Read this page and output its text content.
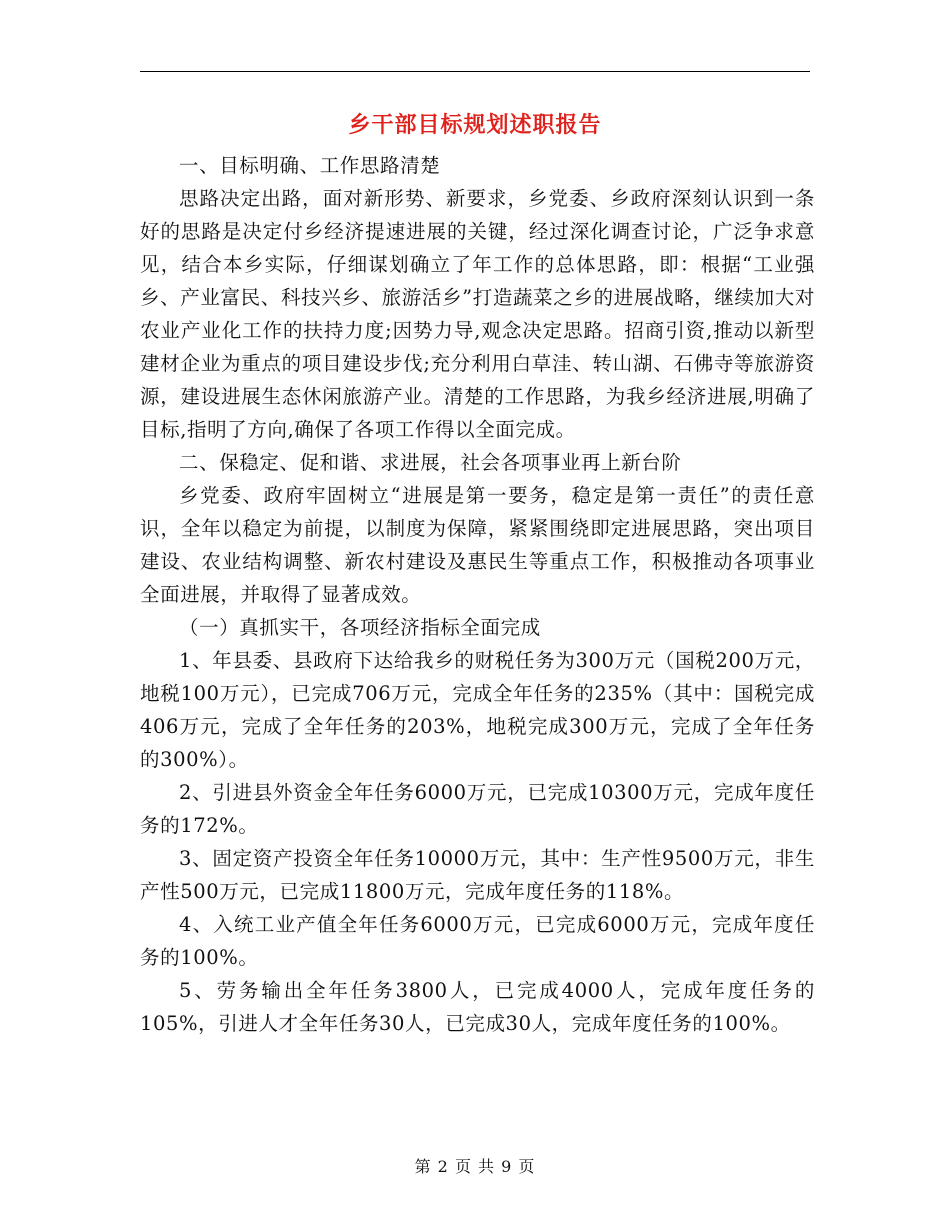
乡干部目标规划述职报告

一、目标明确、工作思路清楚

思路决定出路，面对新形势、新要求，乡党委、乡政府深刻认识到一条好的思路是决定付乡经济提速进展的关键，经过深化调查讨论，广泛争求意见，结合本乡实际，仔细谋划确立了年工作的总体思路，即：根据“工业强乡、产业富民、科技兴乡、旅游活乡”打造蔬菜之乡的进展战略，继续加大对农业产业化工作的扶持力度;因势力导,观念决定思路。招商引资,推动以新型建材企业为重点的项目建设步伐;充分利用白草洼、转山湖、石佛寺等旅游资源，建设进展生态休闲旅游产业。清楚的工作思路，为我乡经济进展,明确了目标,指明了方向,确保了各项工作得以全面完成。

二、保稳定、促和谐、求进展，社会各项事业再上新台阶

乡党委、政府牢固树立“进展是第一要务，稳定是第一责任”的责任意识，全年以稳定为前提，以制度为保障，紧紧围绕即定进展思路，突出项目建设、农业结构调整、新农村建设及惠民生等重点工作，积极推动各项事业全面进展，并取得了显著成效。

（一）真抓实干，各项经济指标全面完成

1、年县委、县政府下达给我乡的财税任务为300万元（国税200万元，地税100万元），已完成706万元，完成全年任务的235%（其中：国税完成406万元，完成了全年任务的203%，地税完成300万元，完成了全年任务的300%）。

2、引进县外资金全年任务6000万元，已完成10300万元，完成年度任务的172%。

3、固定资产投资全年任务10000万元，其中：生产性9500万元，非生产性500万元，已完成11800万元，完成年度任务的118%。

4、入统工业产值全年任务6000万元，已完成6000万元，完成年度任务的100%。

5、劳务输出全年任务3800人，已完成4000人，完成年度任务的105%，引进人才全年任务30人，已完成30人，完成年度任务的100%。

第 2 页 共 9 页
